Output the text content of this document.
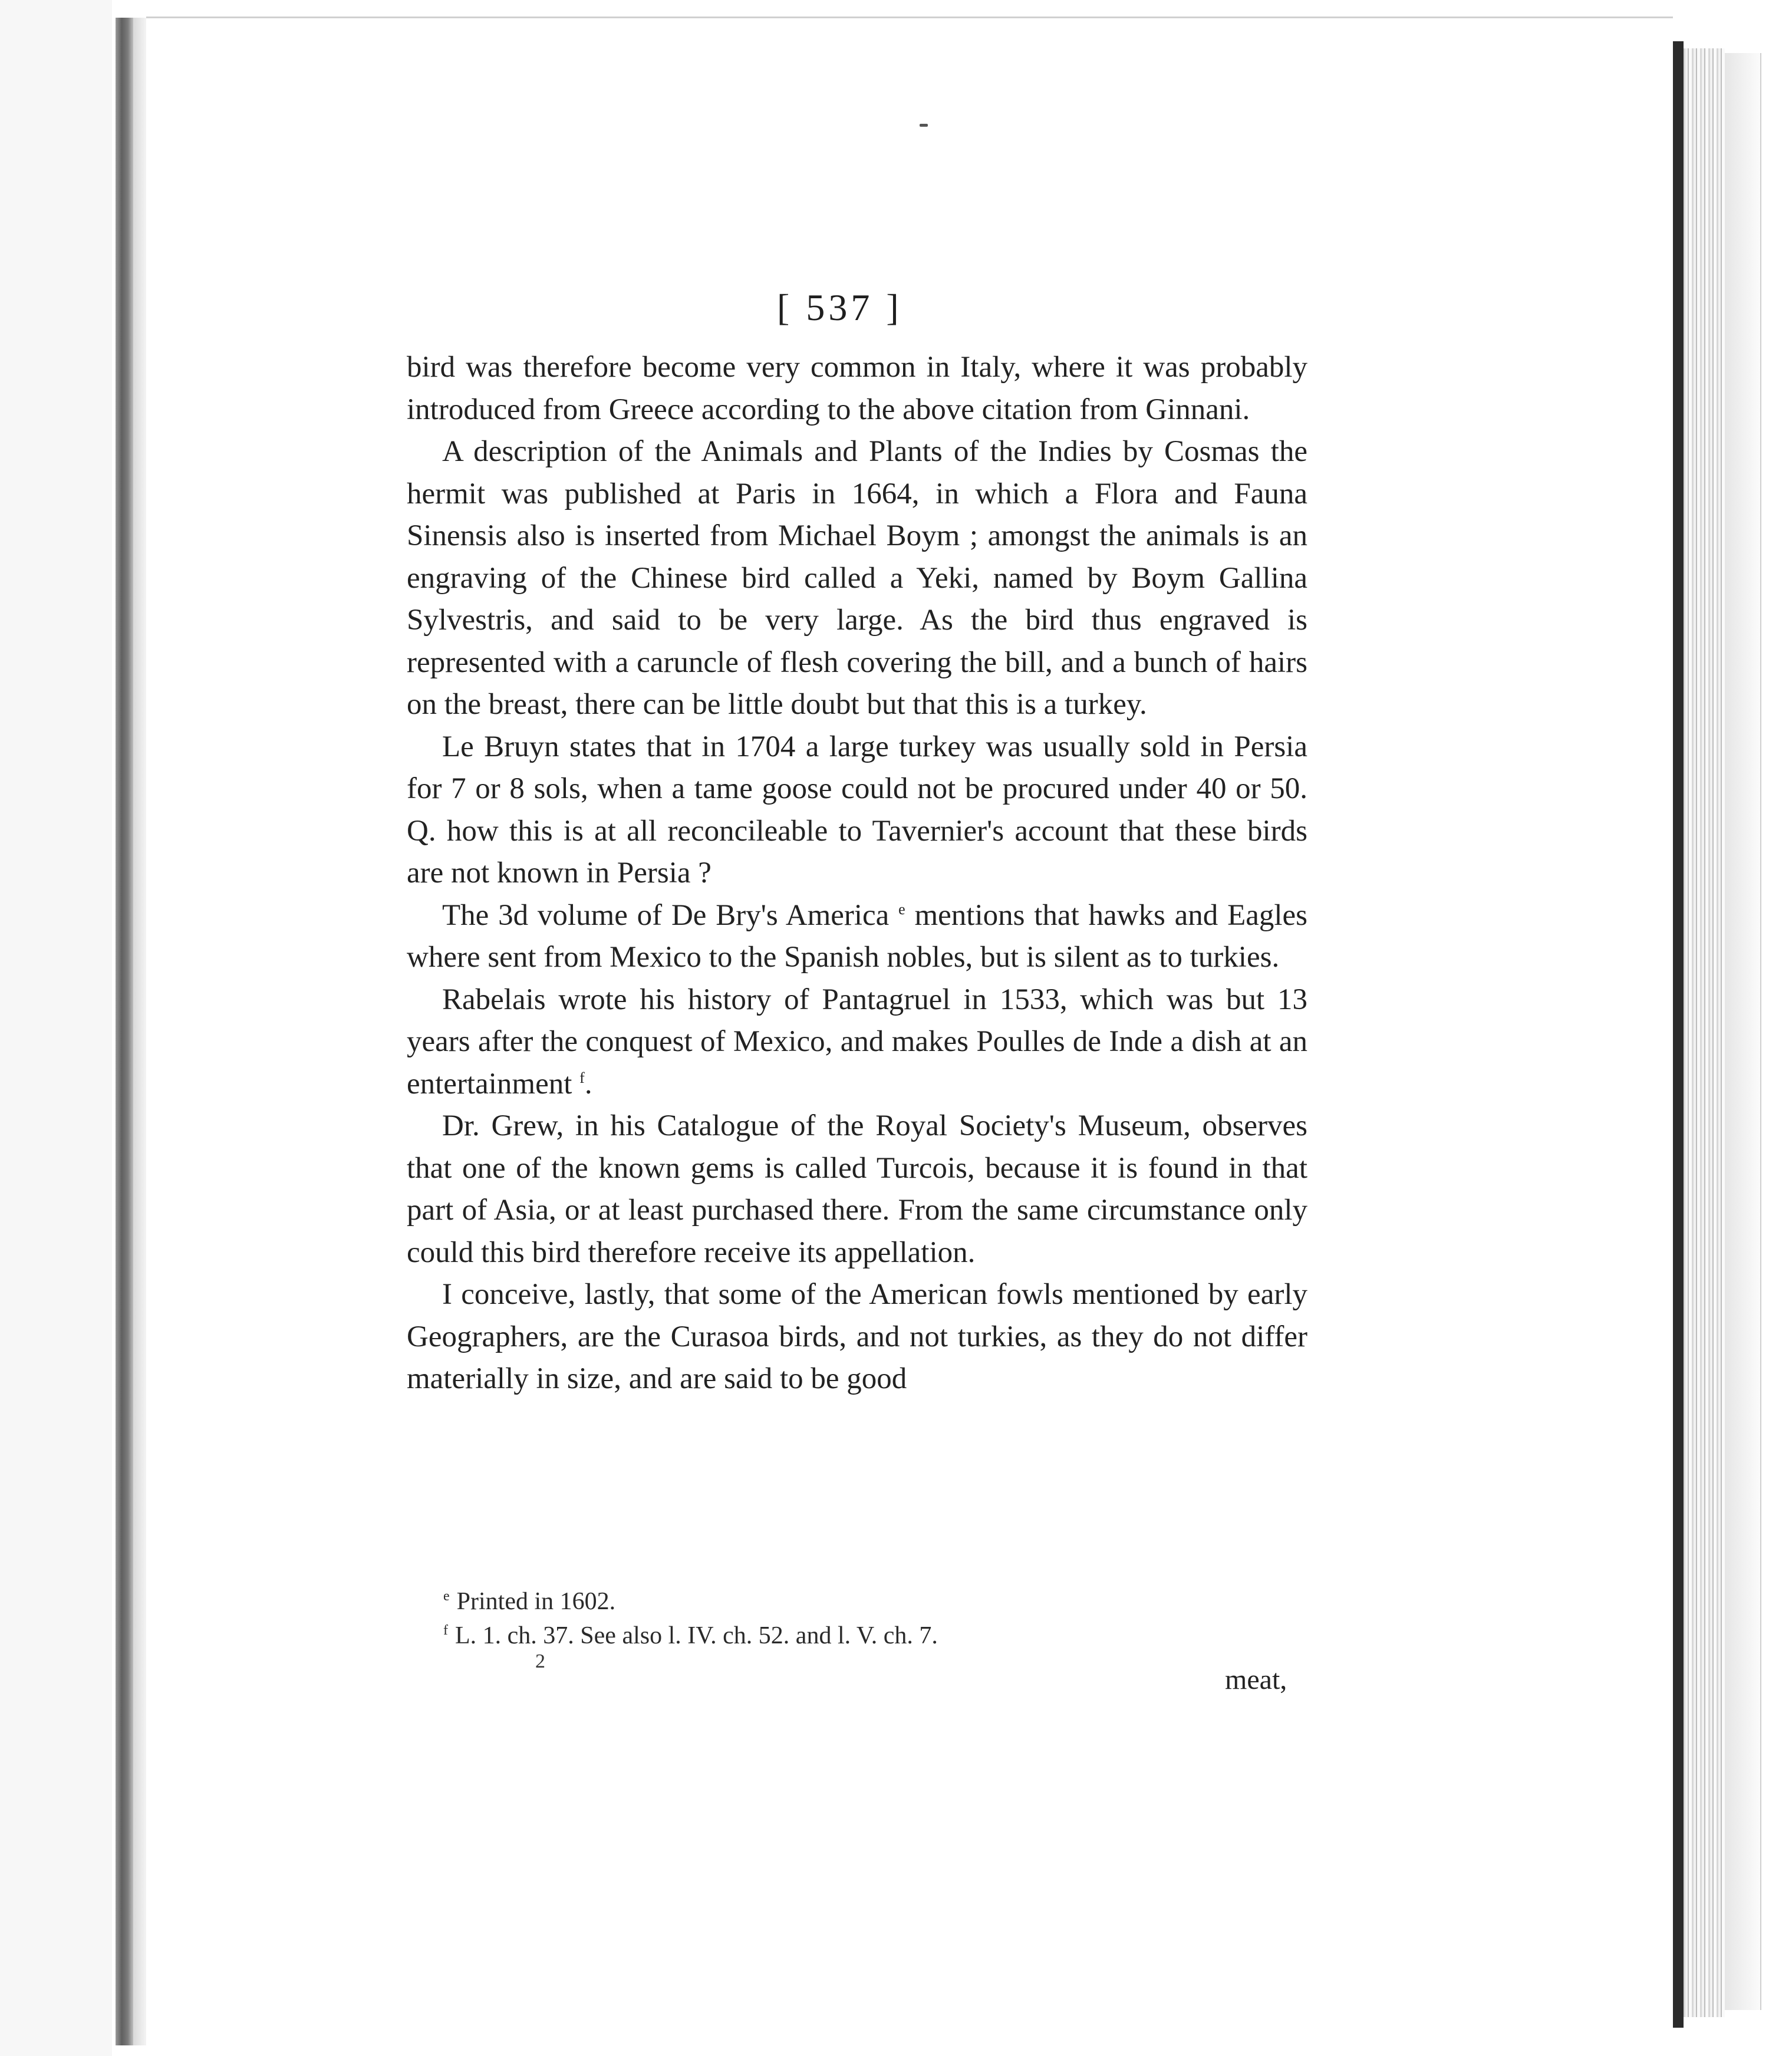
[ 537 ]

bird was therefore become very common in Italy, where it was probably introduced from Greece according to the above citation from Ginnani.

A description of the Animals and Plants of the Indies by Cosmas the hermit was published at Paris in 1664, in which a Flora and Fauna Sinensis also is inserted from Michael Boym ; amongst the animals is an engraving of the Chinese bird called a Yeki, named by Boym Gallina Sylvestris, and said to be very large. As the bird thus engraved is represented with a caruncle of flesh covering the bill, and a bunch of hairs on the breast, there can be little doubt but that this is a turkey.

Le Bruyn states that in 1704 a large turkey was usually sold in Persia for 7 or 8 sols, when a tame goose could not be procured under 40 or 50. Q. how this is at all reconcileable to Tavernier's account that these birds are not known in Persia ?

The 3d volume of De Bry's America $^e$ mentions that hawks and Eagles where sent from Mexico to the Spanish nobles, but is silent as to turkies.

Rabelais wrote his history of Pantagruel in 1533, which was but 13 years after the conquest of Mexico, and makes Poulles de Inde a dish at an entertainment $^f$.

Dr. Grew, in his Catalogue of the Royal Society's Museum, observes that one of the known gems is called Turcois, because it is found in that part of Asia, or at least purchased there. From the same circumstance only could this bird therefore receive its appellation.

I conceive, lastly, that some of the American fowls mentioned by early Geographers, are the Curasoa birds, and not turkies, as they do not differ materially in size, and are said to be good

$^e$ Printed in 1602.

$^f$ L. 1. ch. 37. See also l. IV. ch. 52. and l. V. ch. 7.

2
meat,
